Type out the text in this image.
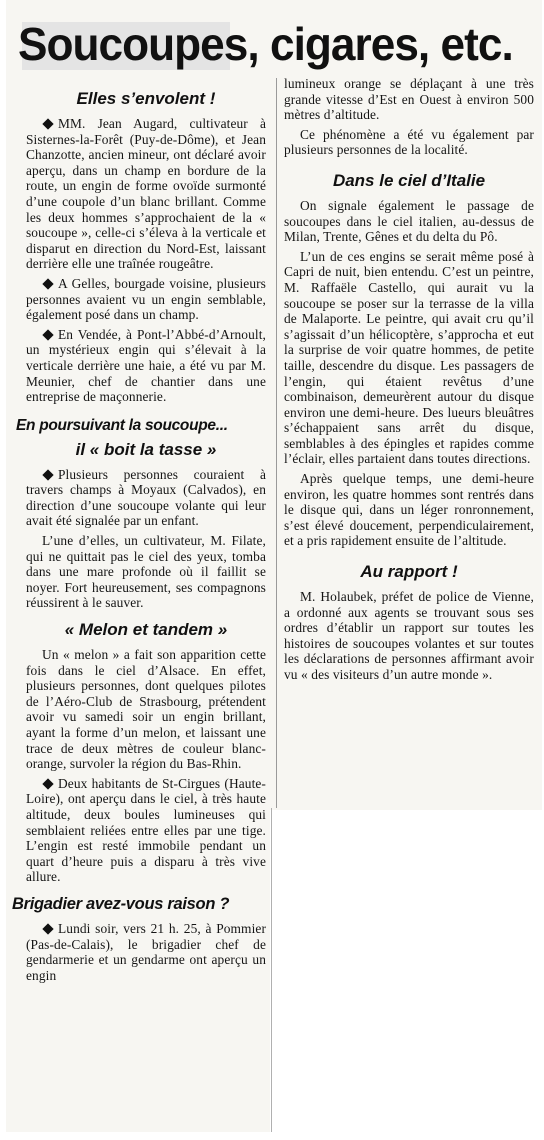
Soucoupes, cigares, etc.
Elles s’envolent !

MM. Jean Augard, cultivateur à Sisternes-la-Forêt (Puy-de-Dôme), et Jean Chanzotte, ancien mineur, ont déclaré avoir aperçu, dans un champ en bordure de la route, un engin de forme ovoïde surmonté d’une coupole d’un blanc brillant. Comme les deux hommes s’approchaient de la « soucoupe », celle-ci s’éleva à la verticale et disparut en direction du Nord-Est, laissant derrière elle une traînée rougeâtre.

A Gelles, bourgade voisine, plusieurs personnes avaient vu un engin semblable, également posé dans un champ.

En Vendée, à Pont-l’Abbé-d’Arnoult, un mystérieux engin qui s’élevait à la verticale derrière une haie, a été vu par M. Meunier, chef de chantier dans une entreprise de maçonnerie.

En poursuivant la soucoupe...
il « boit la tasse »

Plusieurs personnes couraient à travers champs à Moyaux (Calvados), en direction d’une soucoupe volante qui leur avait été signalée par un enfant.

L’une d’elles, un cultivateur, M. Filate, qui ne quittait pas le ciel des yeux, tomba dans une mare profonde où il faillit se noyer. Fort heureusement, ses compagnons réussirent à le sauver.

« Melon et tandem »

Un « melon » a fait son apparition cette fois dans le ciel d’Alsace. En effet, plusieurs personnes, dont quelques pilotes de l’Aéro-Club de Strasbourg, prétendent avoir vu samedi soir un engin brillant, ayant la forme d’un melon, et laissant une trace de deux mètres de couleur blanc-orange, survoler la région du Bas-Rhin.

Deux habitants de St-Cirgues (Haute-Loire), ont aperçu dans le ciel, à très haute altitude, deux boules lumineuses qui semblaient reliées entre elles par une tige. L’engin est resté immobile pendant un quart d’heure puis a disparu à très vive allure.

Brigadier avez-vous raison ?

Lundi soir, vers 21 h. 25, à Pommier (Pas-de-Calais), le brigadier chef de gendarmerie et un gendarme ont aperçu un engin

lumineux orange se déplaçant à une très grande vitesse d’Est en Ouest à environ 500 mètres d’altitude.

Ce phénomène a été vu également par plusieurs personnes de la localité.

Dans le ciel d’Italie

On signale également le passage de soucoupes dans le ciel italien, au-dessus de Milan, Trente, Gênes et du delta du Pô.

L’un de ces engins se serait même posé à Capri de nuit, bien entendu. C’est un peintre, M. Raffaële Castello, qui aurait vu la soucoupe se poser sur la terrasse de la villa de Malaporte. Le peintre, qui avait cru qu’il s’agissait d’un hélicoptère, s’approcha et eut la surprise de voir quatre hommes, de petite taille, descendre du disque. Les passagers de l’engin, qui étaient revêtus d’une combinaison, demeurèrent autour du disque environ une demi-heure. Des lueurs bleuâtres s’échappaient sans arrêt du disque, semblables à des épingles et rapides comme l’éclair, elles partaient dans toutes directions.

Après quelque temps, une demi-heure environ, les quatre hommes sont rentrés dans le disque qui, dans un léger ronronnement, s’est élevé doucement, perpendiculairement, et a pris rapidement ensuite de l’altitude.

Au rapport !

M. Holaubek, préfet de police de Vienne, a ordonné aux agents se trouvant sous ses ordres d’établir un rapport sur toutes les histoires de soucoupes volantes et sur toutes les déclarations de personnes affirmant avoir vu « des visiteurs d’un autre monde ».
